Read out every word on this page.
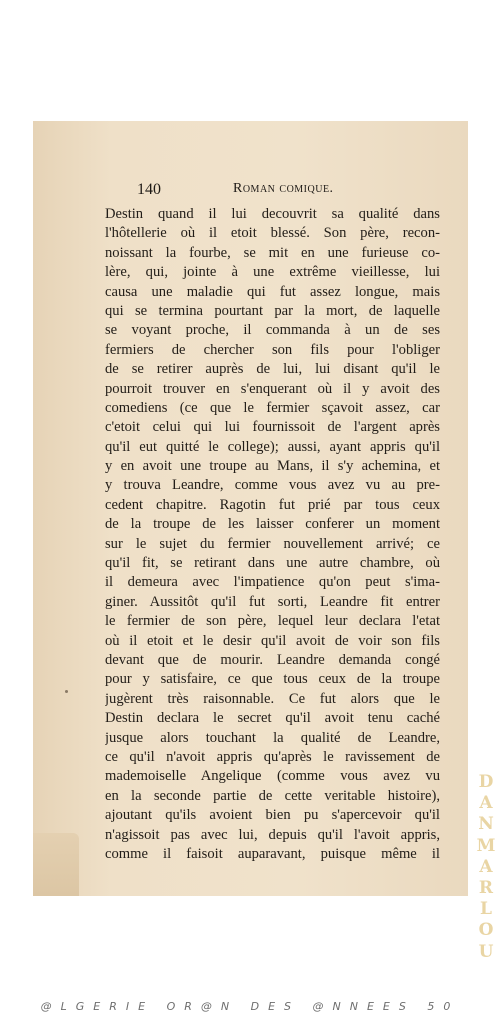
140	Roman comique.
Destin quand il lui decouvrit sa qualité dans
l'hôtellerie où il etoit blessé. Son père, recon-
noissant la fourbe, se mit en une furieuse co-
lère, qui, jointe à une extrême vieillesse, lui
causa une maladie qui fut assez longue, mais
qui se termina pourtant par la mort, de laquelle
se voyant proche, il commanda à un de ses
fermiers de chercher son fils pour l'obliger
de se retirer auprès de lui, lui disant qu'il le
pourroit trouver en s'enquerant où il y avoit des
comediens (ce que le fermier sçavoit assez, car
c'etoit celui qui lui fournissoit de l'argent après
qu'il eut quitté le college); aussi, ayant appris qu'il
y en avoit une troupe au Mans, il s'y achemina, et
y trouva Leandre, comme vous avez vu au pre-
cedent chapitre. Ragotin fut prié par tous ceux
de la troupe de les laisser conferer un moment
sur le sujet du fermier nouvellement arrivé; ce
qu'il fit, se retirant dans une autre chambre, où
il demeura avec l'impatience qu'on peut s'ima-
giner. Aussitôt qu'il fut sorti, Leandre fit entrer
le fermier de son père, lequel leur declara l'etat
où il etoit et le desir qu'il avoit de voir son fils
devant que de mourir. Leandre demanda congé
pour y satisfaire, ce que tous ceux de la troupe
jugèrent très raisonnable. Ce fut alors que le
Destin declara le secret qu'il avoit tenu caché
jusque alors touchant la qualité de Leandre,
ce qu'il n'avoit appris qu'après le ravissement de
mademoiselle Angelique (comme vous avez vu
en la seconde partie de cette veritable histoire),
ajoutant qu'ils avoient bien pu s'apercevoir qu'il
n'agissoit pas avec lui, depuis qu'il l'avoit appris,
comme il faisoit auparavant, puisque même il
D
A
N
M
A
R
L
O
U
@LGERIE OR@N DES @NNEES 50
